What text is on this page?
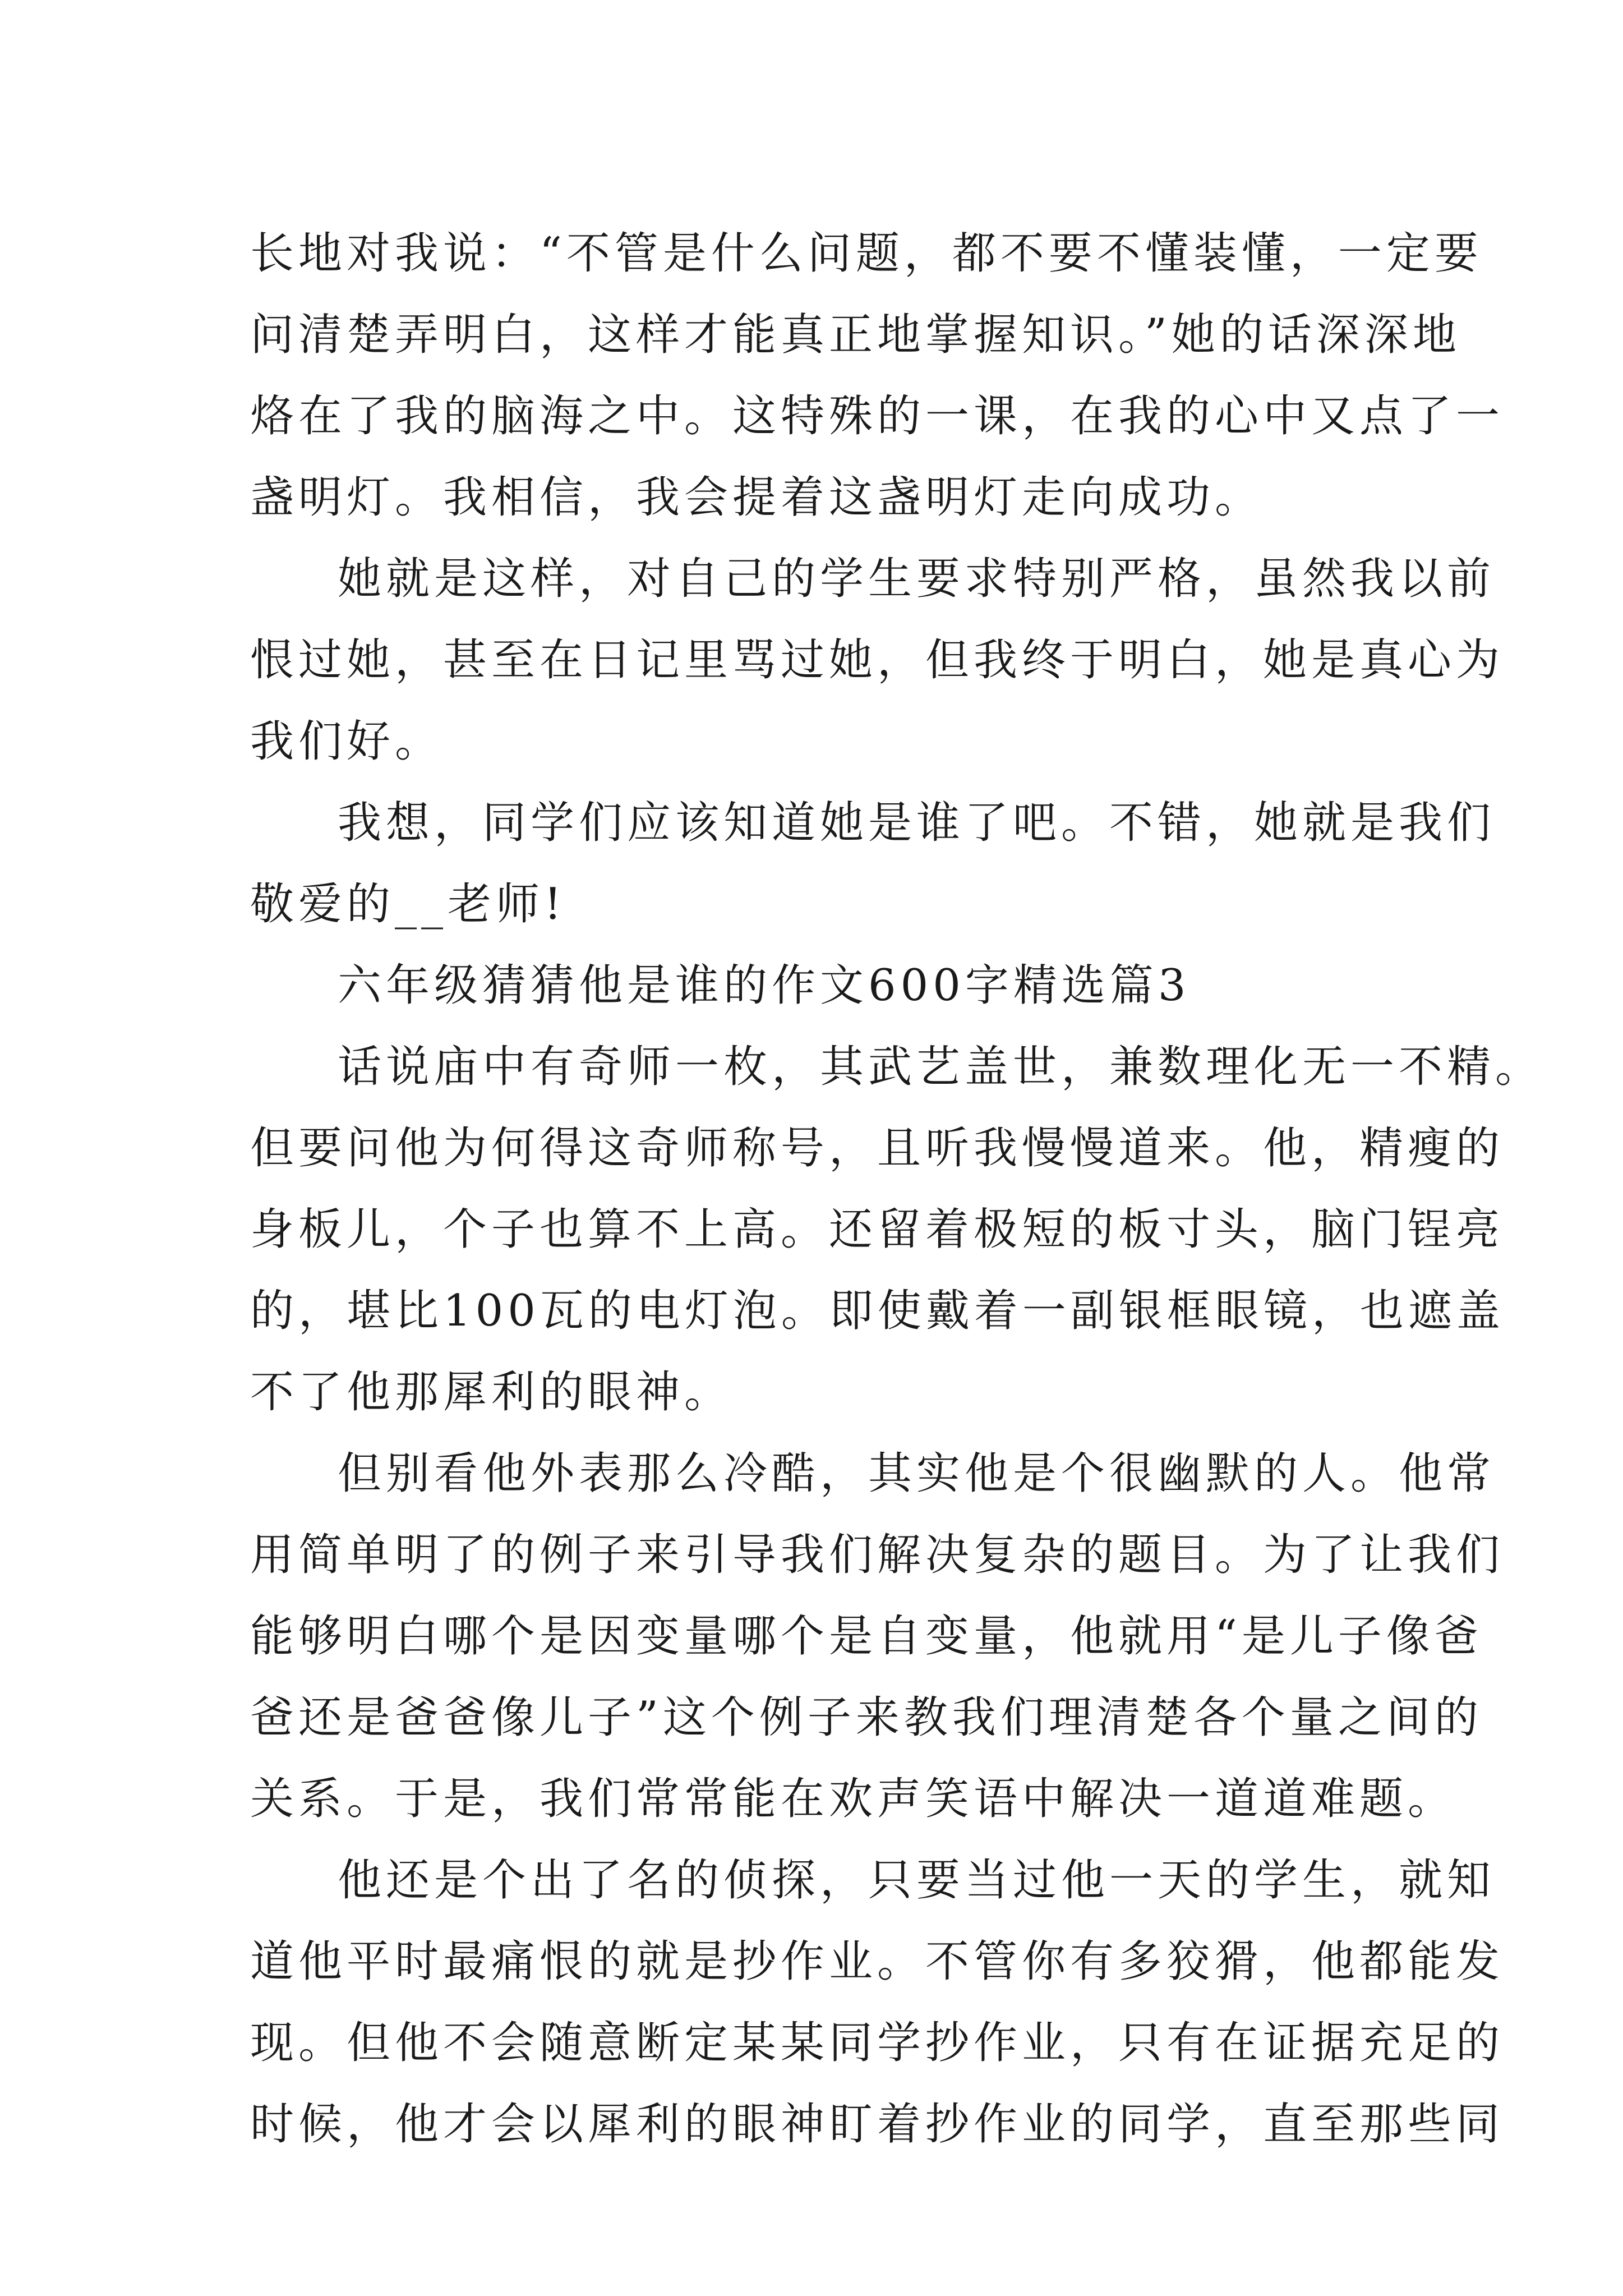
长地对我说：“不管是什么问题，都不要不懂装懂，一定要
问清楚弄明白，这样才能真正地掌握知识。”她的话深深地
烙在了我的脑海之中。这特殊的一课，在我的心中又点了一
盏明灯。我相信，我会提着这盏明灯走向成功。
她就是这样，对自己的学生要求特别严格，虽然我以前
恨过她，甚至在日记里骂过她，但我终于明白，她是真心为
我们好。
我想，同学们应该知道她是谁了吧。不错，她就是我们
敬爱的__老师!
六年级猜猜他是谁的作文600字精选篇3
话说庙中有奇师一枚，其武艺盖世，兼数理化无一不精。
但要问他为何得这奇师称号，且听我慢慢道来。他，精瘦的
身板儿，个子也算不上高。还留着极短的板寸头，脑门锃亮
的，堪比100瓦的电灯泡。即使戴着一副银框眼镜，也遮盖
不了他那犀利的眼神。
但别看他外表那么冷酷，其实他是个很幽默的人。他常
用简单明了的例子来引导我们解决复杂的题目。为了让我们
能够明白哪个是因变量哪个是自变量，他就用“是儿子像爸
爸还是爸爸像儿子”这个例子来教我们理清楚各个量之间的
关系。于是，我们常常能在欢声笑语中解决一道道难题。
他还是个出了名的侦探，只要当过他一天的学生，就知
道他平时最痛恨的就是抄作业。不管你有多狡猾，他都能发
现。但他不会随意断定某某同学抄作业，只有在证据充足的
时候，他才会以犀利的眼神盯着抄作业的同学，直至那些同
